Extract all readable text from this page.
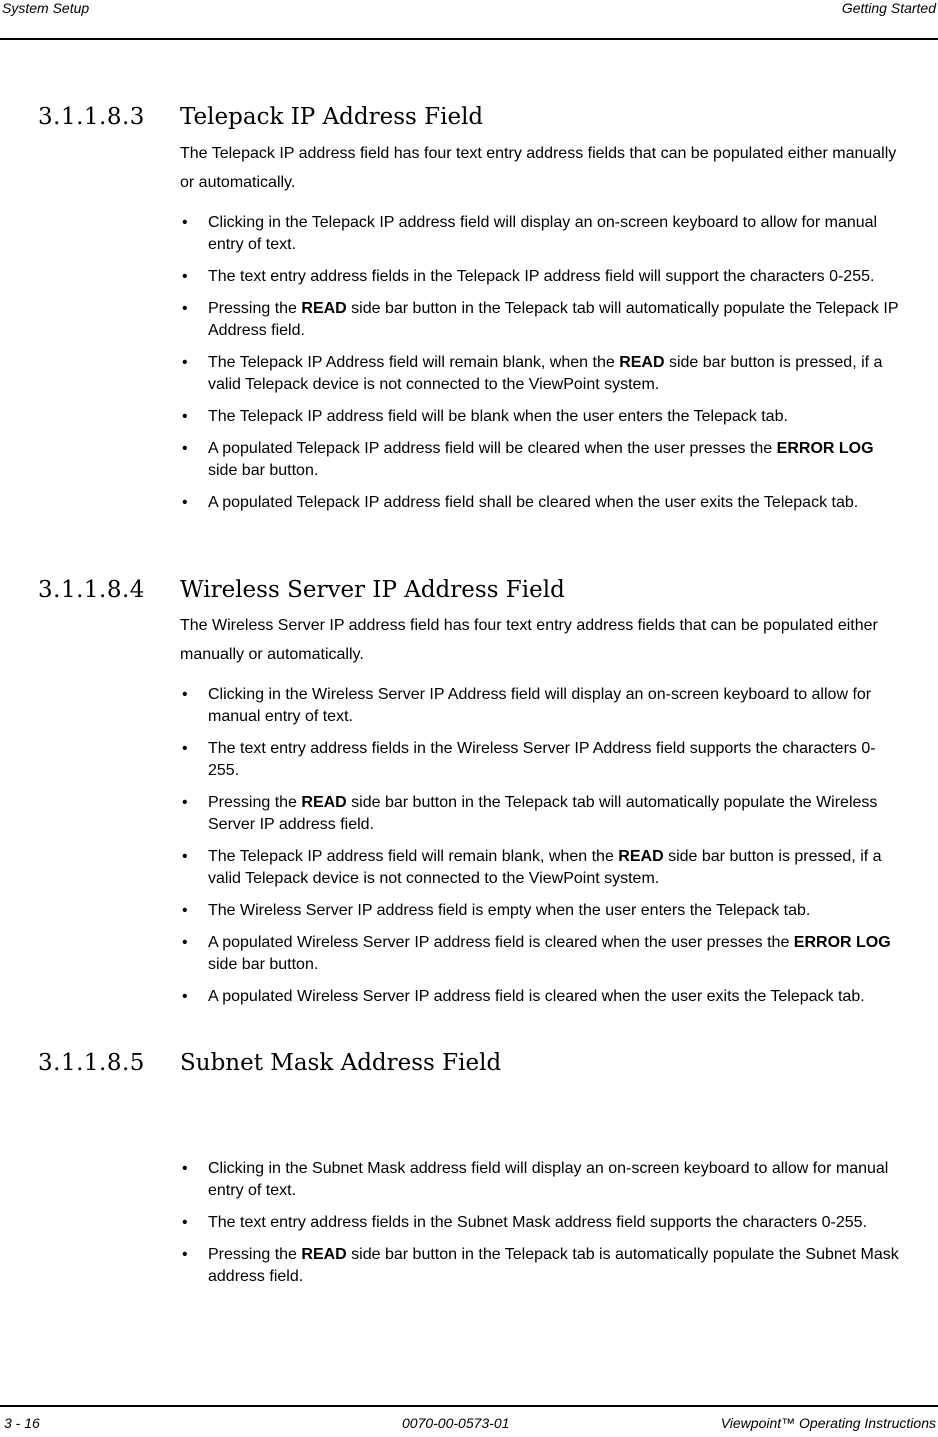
System Setup	Getting Started
3.1.1.8.3 Telepack IP Address Field
The Telepack IP address field has four text entry address fields that can be populated either manually or automatically.
• Clicking in the Telepack IP address field will display an on-screen keyboard to allow for manual entry of text.
• The text entry address fields in the Telepack IP address field will support the characters 0-255.
• Pressing the READ side bar button in the Telepack tab will automatically populate the Telepack IP Address field.
• The Telepack IP Address field will remain blank, when the READ side bar button is pressed, if a valid Telepack device is not connected to the ViewPoint system.
• The Telepack IP address field will be blank when the user enters the Telepack tab.
• A populated Telepack IP address field will be cleared when the user presses the ERROR LOG side bar button.
• A populated Telepack IP address field shall be cleared when the user exits the Telepack tab.
3.1.1.8.4 Wireless Server IP Address Field
The Wireless Server IP address field has four text entry address fields that can be populated either manually or automatically.
• Clicking in the Wireless Server IP Address field will display an on-screen keyboard to allow for manual entry of text.
• The text entry address fields in the Wireless Server IP Address field supports the characters 0-255.
• Pressing the READ side bar button in the Telepack tab will automatically populate the Wireless Server IP address field.
• The Telepack IP address field will remain blank, when the READ side bar button is pressed, if a valid Telepack device is not connected to the ViewPoint system.
• The Wireless Server IP address field is empty when the user enters the Telepack tab.
• A populated Wireless Server IP address field is cleared when the user presses the ERROR LOG side bar button.
• A populated Wireless Server IP address field is cleared when the user exits the Telepack tab.
3.1.1.8.5 Subnet Mask Address Field
• Clicking in the Subnet Mask address field will display an on-screen keyboard to allow for manual entry of text.
• The text entry address fields in the Subnet Mask address field supports the characters 0-255.
• Pressing the READ side bar button in the Telepack tab is automatically populate the Subnet Mask address field.
3 - 16	0070-00-0573-01	Viewpoint™ Operating Instructions
